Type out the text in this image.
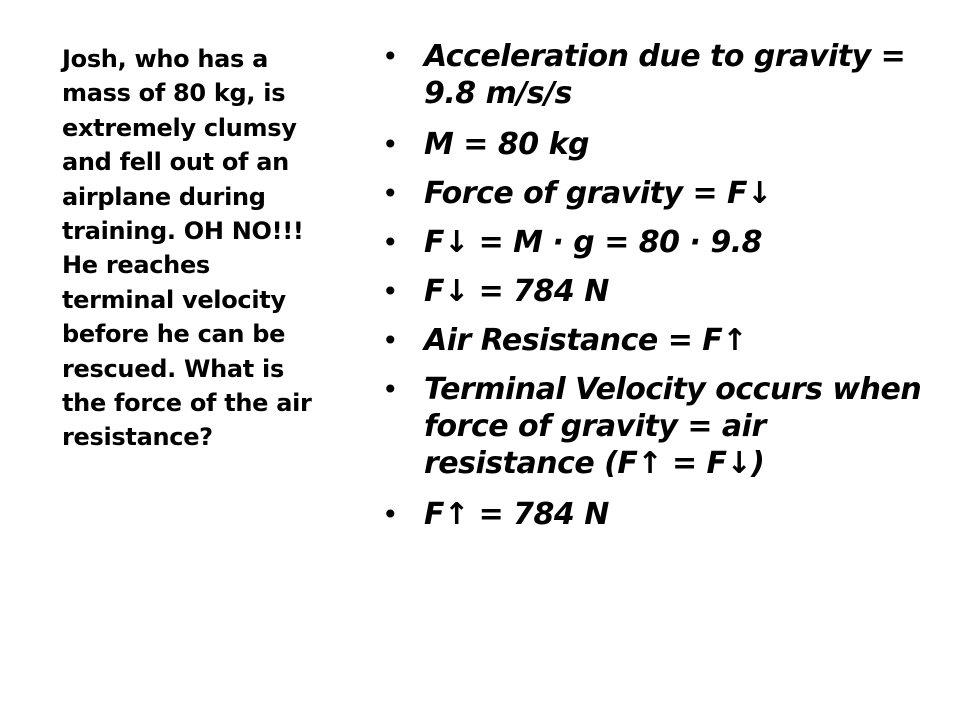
Josh, who has a
mass of 80 kg, is
extremely clumsy
and fell out of an
airplane during
training. OH NO!!!
He reaches
terminal velocity
before he can be
rescued. What is
the force of the air
resistance?

• Acceleration due to gravity = 9.8 m/s/s
• M = 80 kg
• Force of gravity = F↓
• F↓ = M · g = 80 · 9.8
• F↓ = 784 N
• Air Resistance = F↑
• Terminal Velocity occurs when force of gravity = air resistance (F↑ = F↓)
• F↑ = 784 N
